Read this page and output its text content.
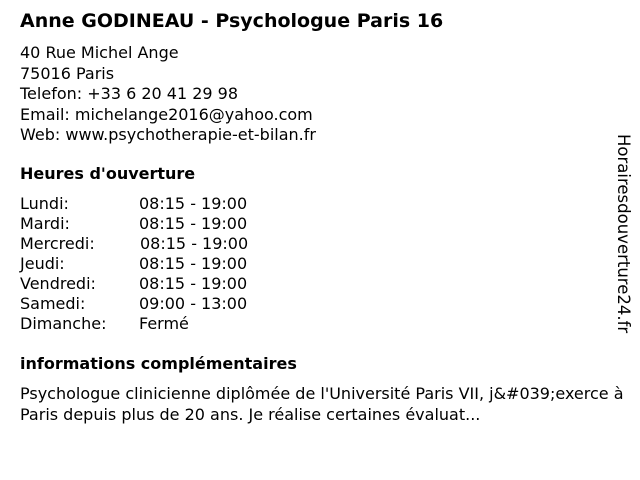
Anne GODINEAU - Psychologue Paris 16
40 Rue Michel Ange
75016 Paris
Telefon: +33 6 20 41 29 98
Email: michelange2016@yahoo.com
Web: www.psychotherapie-et-bilan.fr
Heures d'ouverture
Lundi:	08:15 - 19:00
Mardi:	08:15 - 19:00
Mercredi:	08:15 - 19:00
Jeudi:	08:15 - 19:00
Vendredi:	08:15 - 19:00
Samedi:	09:00 - 13:00
Dimanche: Fermé
informations complémentaires
Psychologue clinicienne diplômée de l'Université Paris VII, j&#039;exerce à Paris depuis plus de 20 ans. Je réalise certaines évaluat...
Horairesdouverture24.fr
